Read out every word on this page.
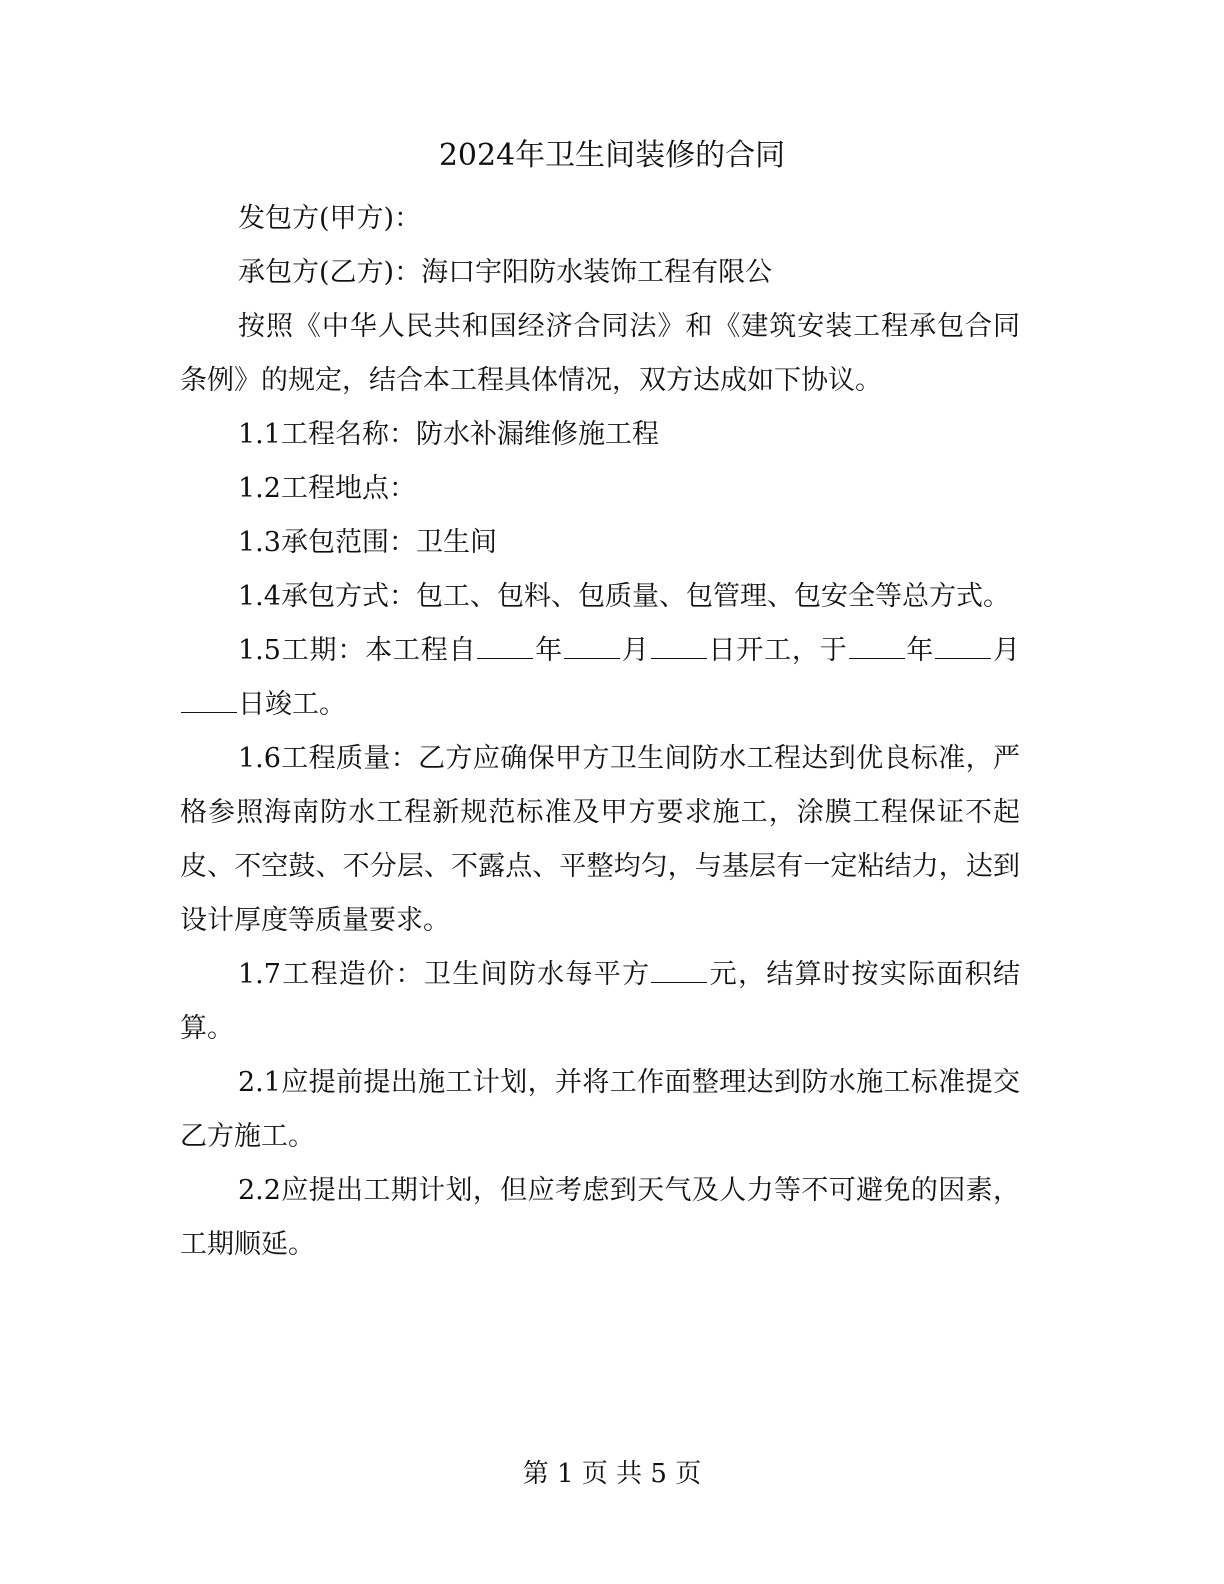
2024年卫生间装修的合同

发包方(甲方)：

承包方(乙方)：海口宇阳防水装饰工程有限公

按照《中华人民共和国经济合同法》和《建筑安装工程承包合同条例》的规定，结合本工程具体情况，双方达成如下协议。

1.1工程名称：防水补漏维修施工程

1.2工程地点：

1.3承包范围：卫生间

1.4承包方式：包工、包料、包质量、包管理、包安全等总方式。

1.5工期：本工程自 年 月 日开工，于 年 月日竣工。

1.6工程质量：乙方应确保甲方卫生间防水工程达到优良标准，严格参照海南防水工程新规范标准及甲方要求施工，涂膜工程保证不起皮、不空鼓、不分层、不露点、平整均匀，与基层有一定粘结力，达到设计厚度等质量要求。

1.7工程造价：卫生间防水每平方 元，结算时按实际面积结算。

2.1应提前提出施工计划，并将工作面整理达到防水施工标准提交乙方施工。

2.2应提出工期计划，但应考虑到天气及人力等不可避免的因素，工期顺延。

第 1 页 共 5 页
